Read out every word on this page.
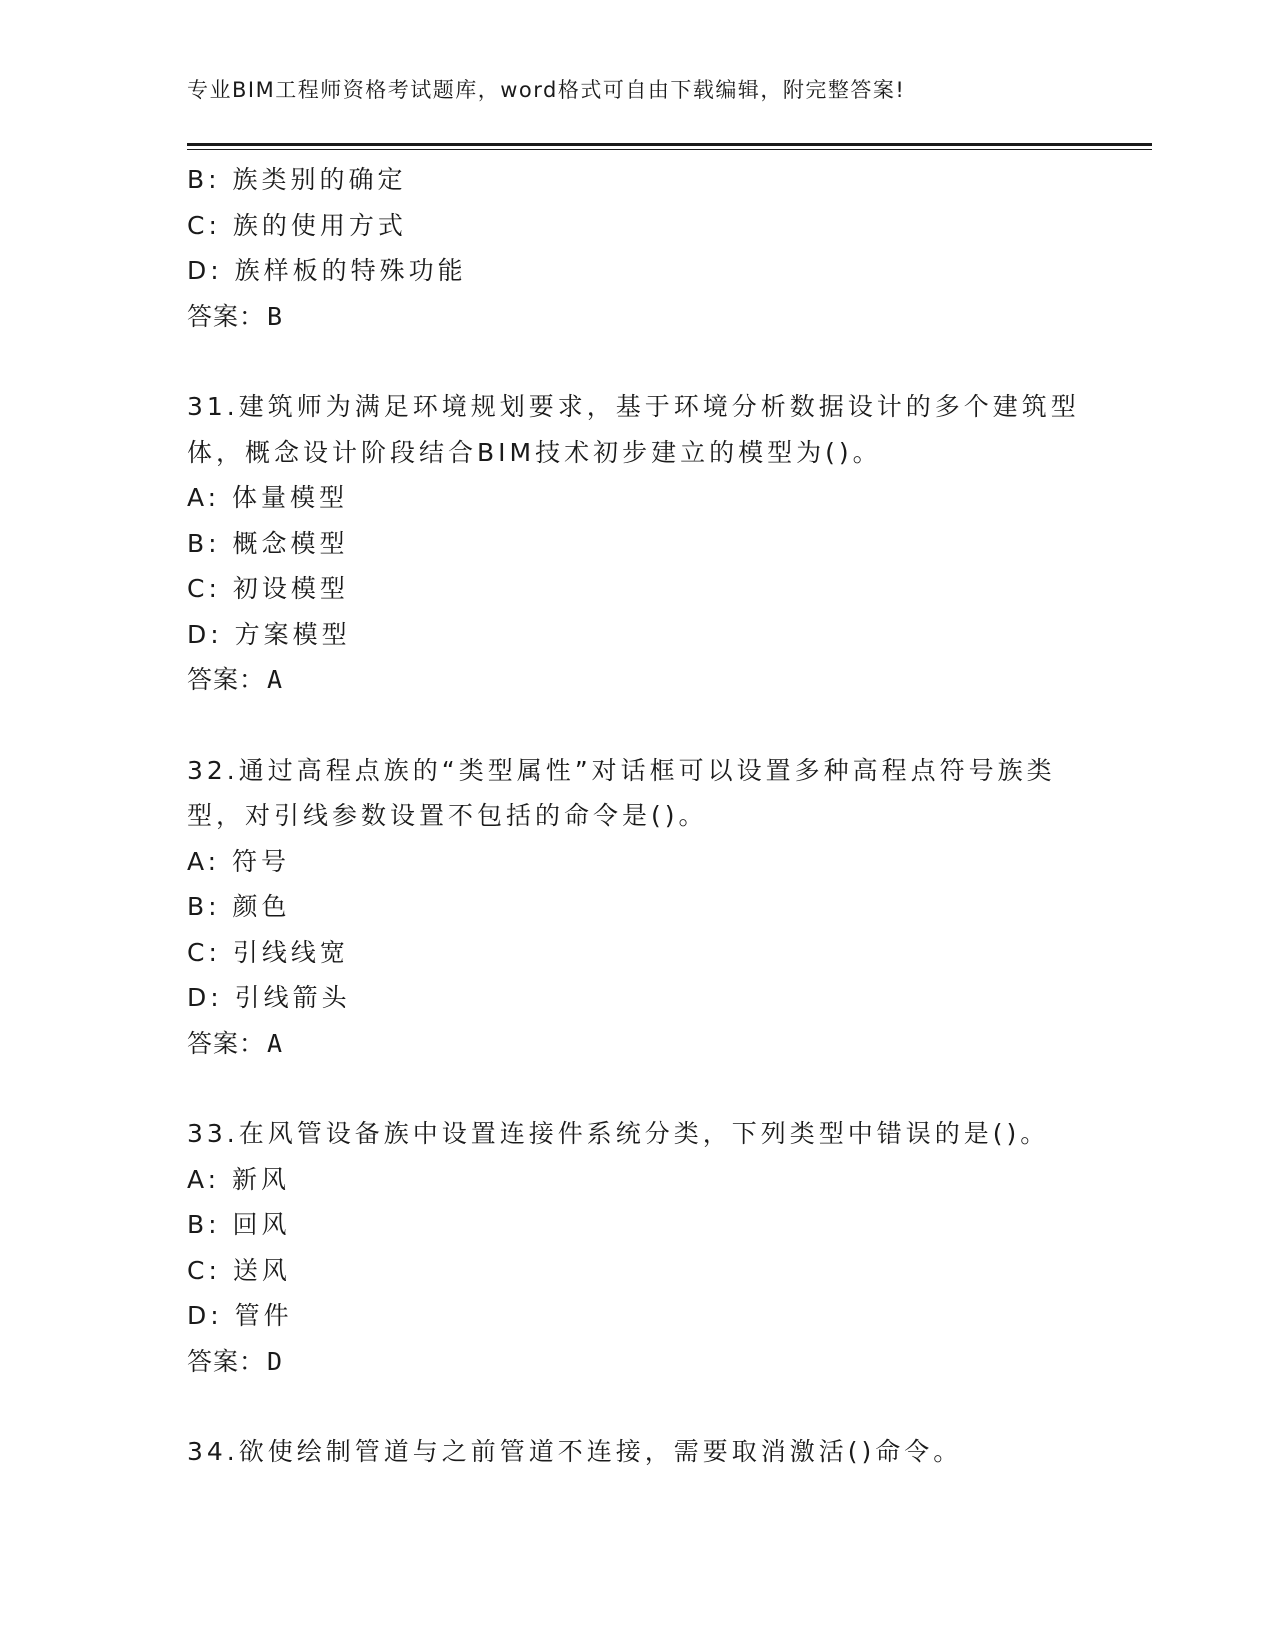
专业BIM工程师资格考试题库，word格式可自由下载编辑，附完整答案!
B: 族类别的确定
C: 族的使用方式
D: 族样板的特殊功能
答案：B
31.建筑师为满足环境规划要求，基于环境分析数据设计的多个建筑型
体，概念设计阶段结合BIM技术初步建立的模型为()。
A: 体量模型
B: 概念模型
C: 初设模型
D: 方案模型
答案：A
32.通过高程点族的“类型属性”对话框可以设置多种高程点符号族类
型，对引线参数设置不包括的命令是()。
A: 符号
B: 颜色
C: 引线线宽
D: 引线箭头
答案：A
33.在风管设备族中设置连接件系统分类，下列类型中错误的是()。
A: 新风
B: 回风
C: 送风
D: 管件
答案：D
34.欲使绘制管道与之前管道不连接，需要取消激活()命令。
